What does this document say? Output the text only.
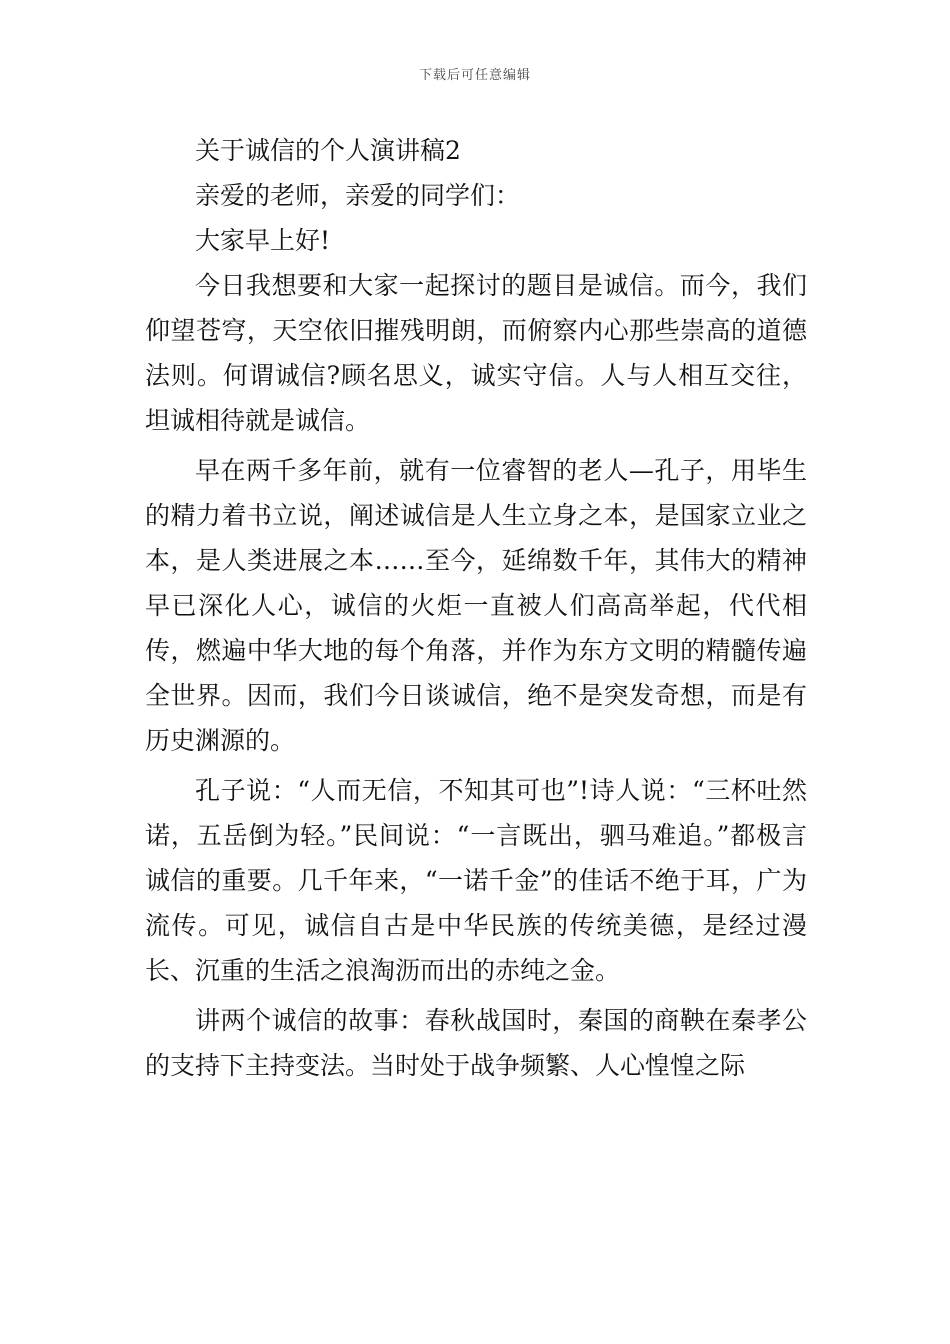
下载后可任意编辑

关于诚信的个人演讲稿2

亲爱的老师，亲爱的同学们：

大家早上好!

今日我想要和大家一起探讨的题目是诚信。而今，我们仰望苍穹，天空依旧摧残明朗，而俯察内心那些崇高的道德法则。何谓诚信?顾名思义，诚实守信。人与人相互交往，坦诚相待就是诚信。

早在两千多年前，就有一位睿智的老人—孔子，用毕生的精力着书立说，阐述诚信是人生立身之本，是国家立业之本，是人类进展之本……至今，延绵数千年，其伟大的精神早已深化人心，诚信的火炬一直被人们高高举起，代代相传，燃遍中华大地的每个角落，并作为东方文明的精髓传遍全世界。因而，我们今日谈诚信，绝不是突发奇想，而是有历史渊源的。

孔子说：“人而无信，不知其可也”!诗人说：“三杯吐然诺，五岳倒为轻。”民间说：“一言既出，驷马难追。”都极言诚信的重要。几千年来，“一诺千金”的佳话不绝于耳，广为流传。可见，诚信自古是中华民族的传统美德，是经过漫长、沉重的生活之浪淘沥而出的赤纯之金。

讲两个诚信的故事：春秋战国时，秦国的商鞅在秦孝公的支持下主持变法。当时处于战争频繁、人心惶惶之际
